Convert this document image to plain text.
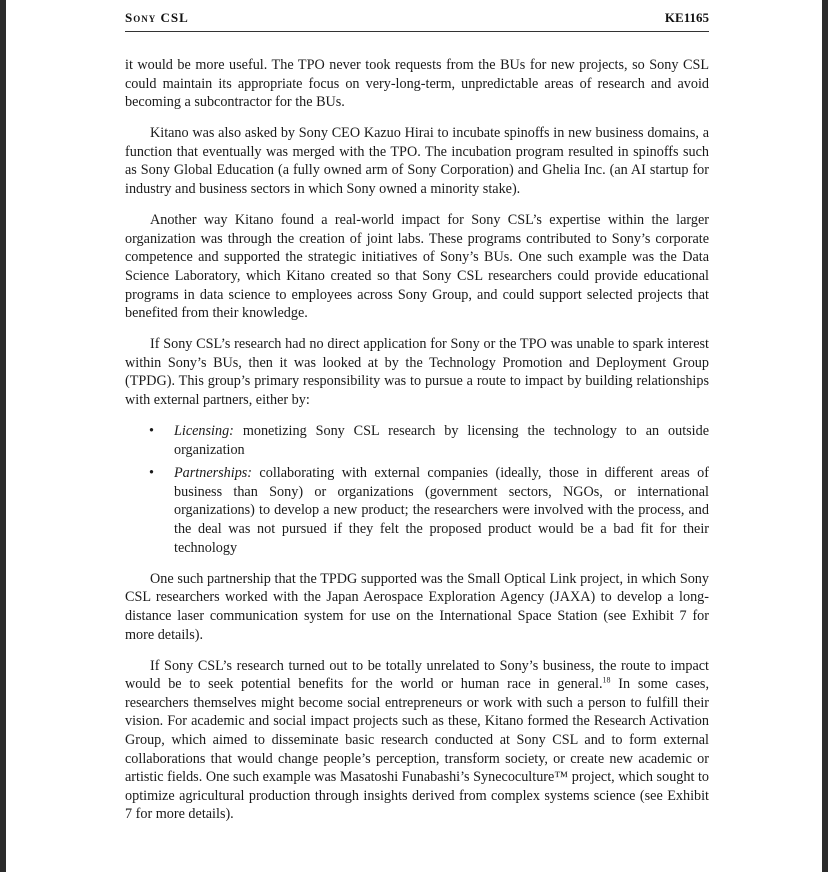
Sony CSL	KE1165

it would be more useful. The TPO never took requests from the BUs for new projects, so Sony CSL could maintain its appropriate focus on very-long-term, unpredictable areas of research and avoid becoming a subcontractor for the BUs.

Kitano was also asked by Sony CEO Kazuo Hirai to incubate spinoffs in new business domains, a function that eventually was merged with the TPO. The incubation program resulted in spinoffs such as Sony Global Education (a fully owned arm of Sony Corporation) and Ghelia Inc. (an AI startup for industry and business sectors in which Sony owned a minority stake).

Another way Kitano found a real-world impact for Sony CSL’s expertise within the larger organization was through the creation of joint labs. These programs contributed to Sony’s corporate competence and supported the strategic initiatives of Sony’s BUs. One such example was the Data Science Laboratory, which Kitano created so that Sony CSL researchers could provide educational programs in data science to employees across Sony Group, and could support selected projects that benefited from their knowledge.

If Sony CSL’s research had no direct application for Sony or the TPO was unable to spark interest within Sony’s BUs, then it was looked at by the Technology Promotion and Deployment Group (TPDG). This group’s primary responsibility was to pursue a route to impact by building relationships with external partners, either by:

• Licensing: monetizing Sony CSL research by licensing the technology to an outside organization
• Partnerships: collaborating with external companies (ideally, those in different areas of business than Sony) or organizations (government sectors, NGOs, or international organizations) to develop a new product; the researchers were involved with the process, and the deal was not pursued if they felt the proposed product would be a bad fit for their technology

One such partnership that the TPDG supported was the Small Optical Link project, in which Sony CSL researchers worked with the Japan Aerospace Exploration Agency (JAXA) to develop a long-distance laser communication system for use on the International Space Station (see Exhibit 7 for more details).

If Sony CSL’s research turned out to be totally unrelated to Sony’s business, the route to impact would be to seek potential benefits for the world or human race in general.$^{18}$ In some cases, researchers themselves might become social entrepreneurs or work with such a person to fulfill their vision. For academic and social impact projects such as these, Kitano formed the Research Activation Group, which aimed to disseminate basic research conducted at Sony CSL and to form external collaborations that would change people’s perception, transform society, or create new academic or artistic fields. One such example was Masatoshi Funabashi’s Synecoculture™ project, which sought to optimize agricultural production through insights derived from complex systems science (see Exhibit 7 for more details).
